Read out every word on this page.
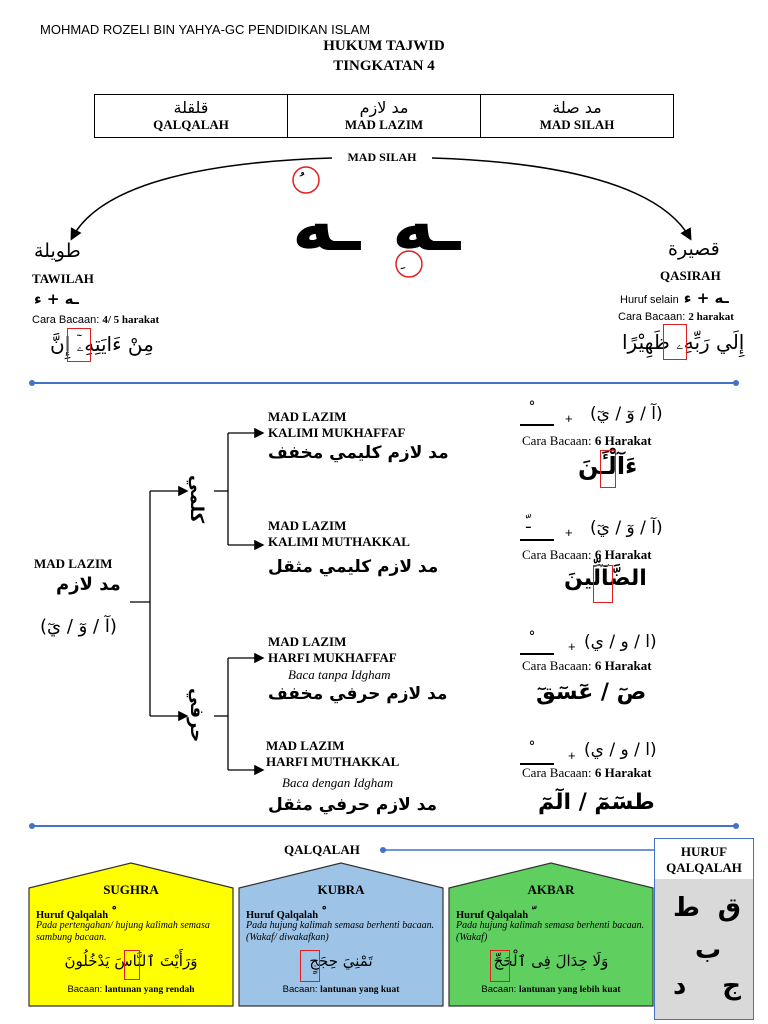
MOHMAD ROZELI BIN YAHYA-GC PENDIDIKAN ISLAM
HUKUM TAJWID
TINGKATAN 4
قلقلة
QALQALAH
مد لازم
MAD LAZIM
مد صلة
MAD SILAH
MAD SILAH
ـه ـه
طويلة
TAWILAH
ـه + ء
Cara Bacaan: 4/ 5 harakat
مِنْ ءَايَتِهِۦٓ إِنَّ
قصيرة
QASIRAH
Huruf selain ـه + ء
Cara Bacaan: 2 harakat
إِلَي رَبِّهِۦ ظَهِيْرًا
MAD LAZIM
مد لازم
(آ / وٓ / يٓ)
كلمي
حرفي
MAD LAZIM
KALIMI MUKHAFFAF
مد لازم كليمي مخفف
+ (آ / وٓ / يٓ)
Cara Bacaan: 6 Harakat
ءَآلْـَٔنَ
MAD LAZIM
KALIMI MUTHAKKAL
مد لازم كليمي مثقل
ـّ
+ (آ / وٓ / يٓ)
Cara Bacaan: 6 Harakat
الضَّآلِّينَ
MAD LAZIM
HARFI MUKHAFFAF
Baca tanpa Idgham
مد لازم حرفي مخفف
+ (ا / و / ي)
Cara Bacaan: 6 Harakat
صٓ / عٓسٓقٓ
MAD LAZIM
HARFI MUTHAKKAL
Baca dengan Idgham
مد لازم حرفي مثقل
+ (ا / و / ي)
Cara Bacaan: 6 Harakat
طسٓمٓ / الٓمٓ
QALQALAH
SUGHRA
Huruf Qalqalah
Pada pertengahan/ hujung kalimah semasa sambung bacaan.
وَرَأَيْتَ ٱلنَّاسَ يَدْخُلُونَ
Bacaan: lantunan yang rendah
KUBRA
Huruf Qalqalah
Pada hujung kalimah semasa berhenti bacaan. (Wakaf/ diwakafkan)
تَمْنِيَ حِجَجٍ
Bacaan: lantunan yang kuat
AKBAR
Huruf Qalqalah
Pada hujung kalimah semasa berhenti bacaan. (Wakaf)
وَلَا جِدَالَ فِى ٱلْحَجِّ
Bacaan: lantunan yang lebih kuat
HURUF
QALQALAH
ق
ط
ب
ج
د
